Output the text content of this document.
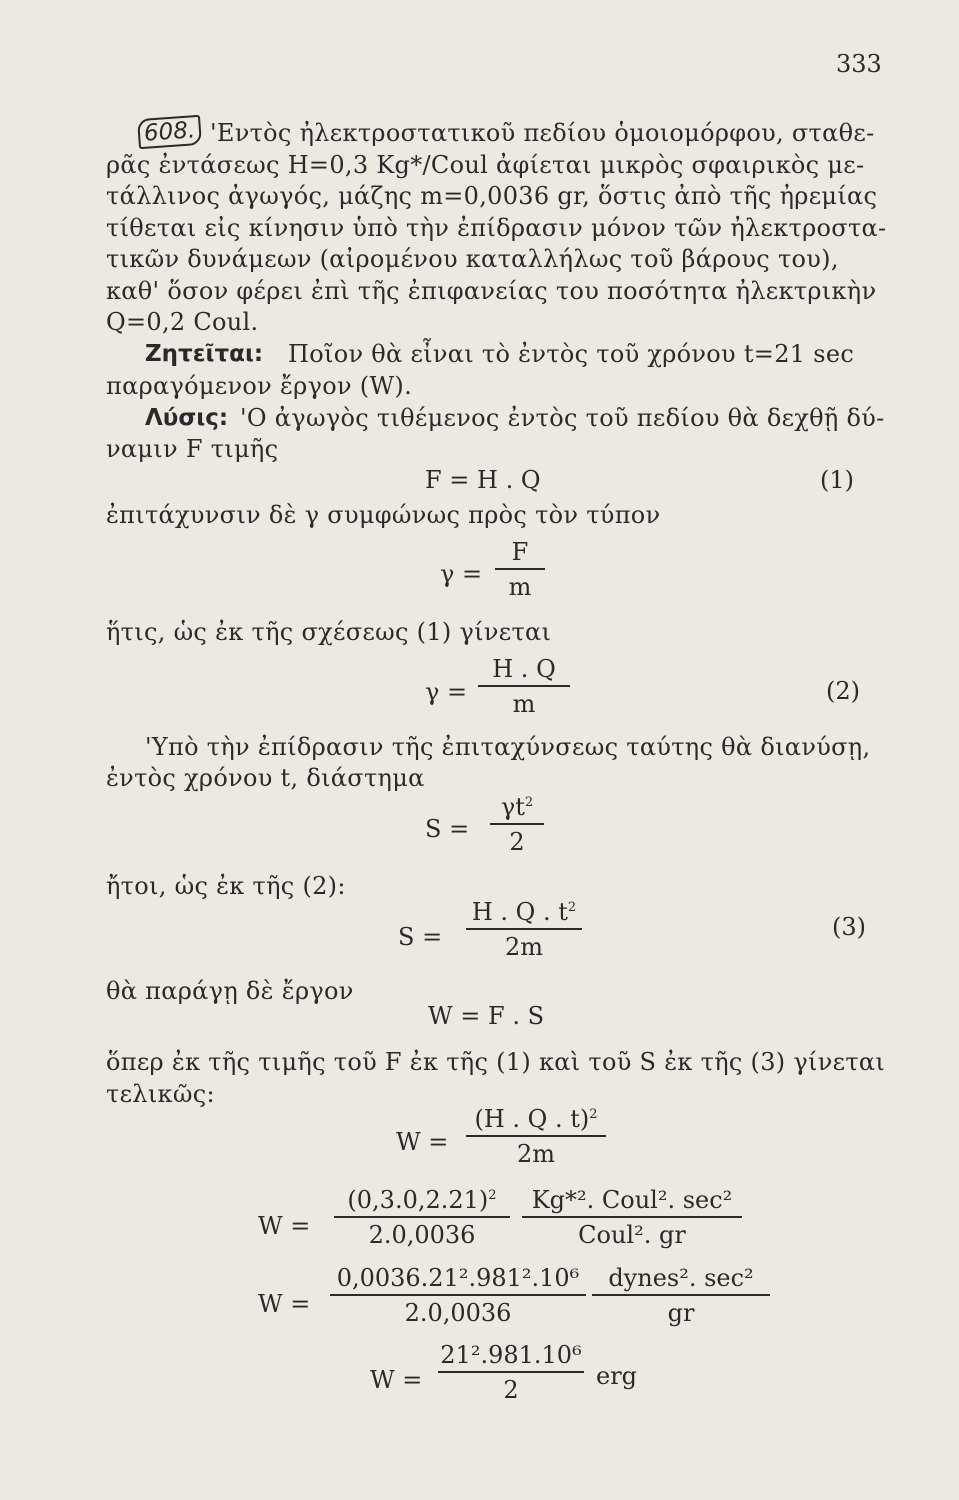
333
608. 'Εντὸς ἠλεκτροστατικοῦ πεδίου ὁμοιομόρφου, σταθε-
ρᾶς ἐντάσεως H=0,3 Kg*/Coul ἀφίεται μικρὸς σφαιρικὸς με-
τάλλινος ἀγωγός, μάζης m=0,0036 gr, ὅστις ἀπὸ τῆς ἠρεμίας
τίθεται εἰς κίνησιν ὑπὸ τὴν ἐπίδρασιν μόνον τῶν ἠλεκτροστα-
τικῶν δυνάμεων (αἰρομένου καταλλήλως τοῦ βάρους του),
καθ' ὅσον φέρει ἐπὶ τῆς ἐπιφανείας του ποσότητα ἠλεκτρικὴν
Q=0,2 Coul.
Ζητεῖται: Ποῖον θὰ εἶναι τὸ ἐντὸς τοῦ χρόνου t=21 sec
παραγόμενον ἔργον (W).
Λύσις: 'Ο ἀγωγὸς τιθέμενος ἐντὸς τοῦ πεδίου θὰ δεχθῇ δύ-
ναμιν F τιμῆς
F = H . Q	(1)
ἐπιτάχυνσιν δὲ γ συμφώνως πρὸς τὸν τύπον
γ =
F
m
ἥτις, ὡς ἐκ τῆς σχέσεως (1) γίνεται
γ =
H . Q
m	(2)
'Υπὸ τὴν ἐπίδρασιν τῆς ἐπιταχύνσεως ταύτης θὰ διανύσῃ,
ἐντὸς χρόνου t, διάστημα
S =
$\gamma t^2$
2
ἤτοι, ὡς ἐκ τῆς (2):
S =
H . Q . $t^2$
2m
(3)
θὰ παράγῃ δὲ ἔργον
W = F . S
ὅπερ ἐκ τῆς τιμῆς τοῦ F ἐκ τῆς (1) καὶ τοῦ S ἐκ τῆς (3) γίνεται
τελικῶς:
W =
(H . Q . t)$^2$
2m
W =
$(0,3.0,2.21)^2$
2.0,0036
Kg*². Coul². sec²
Coul². gr
W =
0,0036.21².981².10⁶
2.0,0036
dynes². sec²
gr
W =
21².981.10⁶
2	erg
